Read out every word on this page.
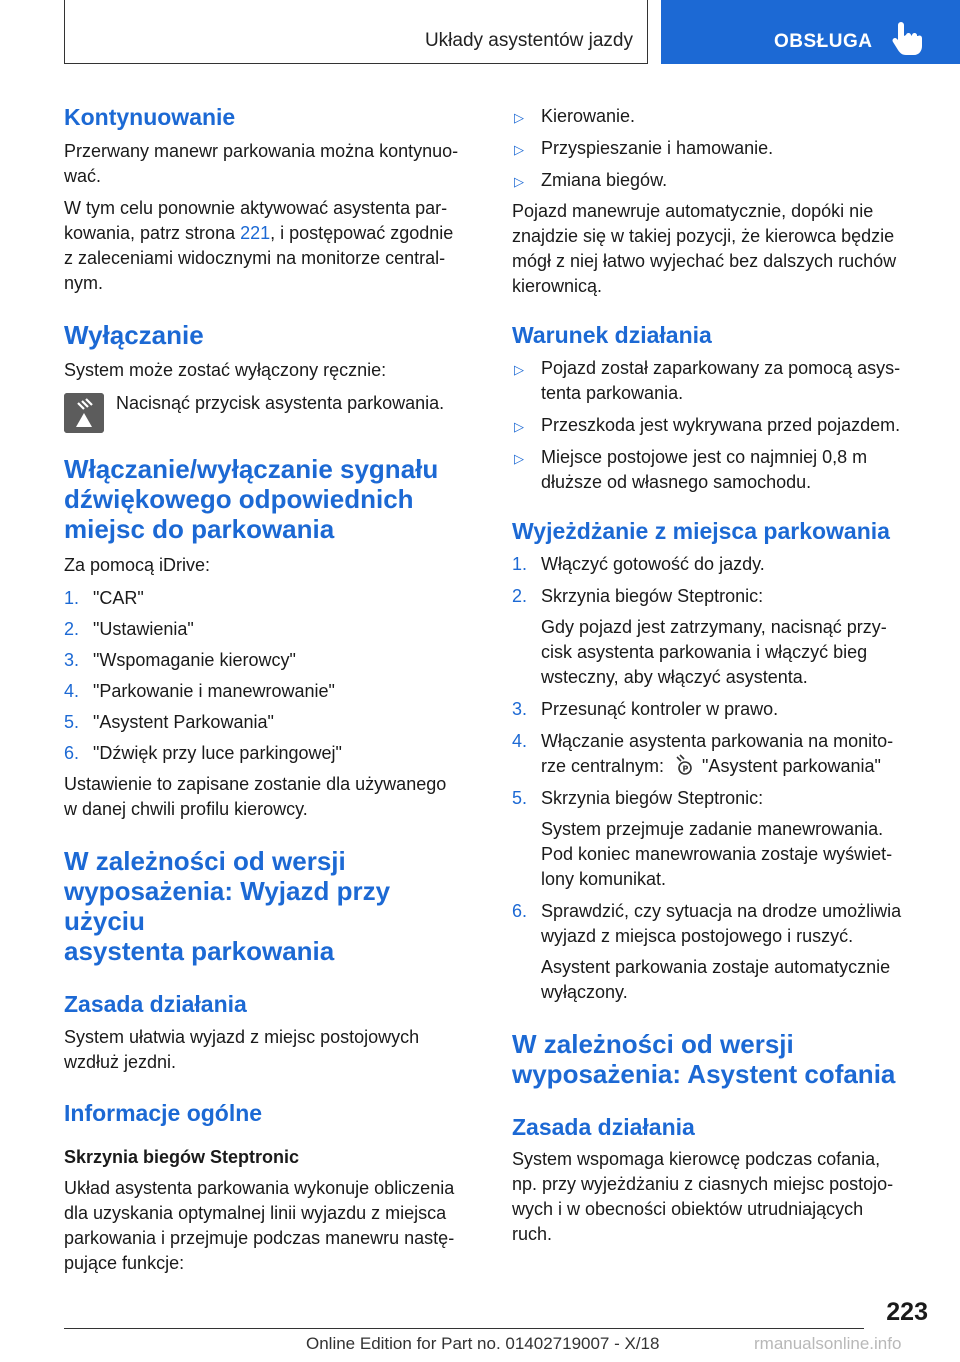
Układy asystentów jazdy	OBSŁUGA
Kontynuowanie

Przerwany manewr parkowania można kontynuo-
wać.

W tym celu ponownie aktywować asystenta par-
kowania, patrz strona 221, i postępować zgodnie
z zaleceniami widocznymi na monitorze central-
nym.

Wyłączanie

System może zostać wyłączony ręcznie:

Nacisnąć przycisk asystenta parkowania.

Włączanie/wyłączanie sygnału
dźwiękowego odpowiednich
miejsc do parkowania

Za pomocą iDrive:

1. "CAR"
2. "Ustawienia"
3. "Wspomaganie kierowcy"
4. "Parkowanie i manewrowanie"
5. "Asystent Parkowania"
6. "Dźwięk przy luce parkingowej"

Ustawienie to zapisane zostanie dla używanego
w danej chwili profilu kierowcy.

W zależności od wersji
wyposażenia: Wyjazd przy użyciu
asystenta parkowania
Zasada działania

System ułatwia wyjazd z miejsc postojowych
wzdłuż jezdni.

Informacje ogólne
Skrzynia biegów Steptronic

Układ asystenta parkowania wykonuje obliczenia
dla uzyskania optymalnej linii wyjazdu z miejsca
parkowania i przejmuje podczas manewru nastę-
pujące funkcje:

▷ Kierowanie.
▷ Przyspieszanie i hamowanie.
▷ Zmiana biegów.

Pojazd manewruje automatycznie, dopóki nie
znajdzie się w takiej pozycji, że kierowca będzie
mógł z niej łatwo wyjechać bez dalszych ruchów
kierownicą.

Warunek działania
▷ Pojazd został zaparkowany za pomocą asys-
tenta parkowania.
▷ Przeszkoda jest wykrywana przed pojazdem.
▷ Miejsce postojowe jest co najmniej 0,8 m
dłuższe od własnego samochodu.
Wyjeżdżanie z miejsca parkowania
1. Włączyć gotowość do jazdy.
2. Skrzynia biegów Steptronic:
Gdy pojazd jest zatrzymany, nacisnąć przy-
cisk asystenta parkowania i włączyć bieg
wsteczny, aby włączyć asystenta.
3. Przesunąć kontroler w prawo.
4. Włączanie asystenta parkowania na monito-
rze centralnym: P "Asystent parkowania"
5. Skrzynia biegów Steptronic:
System przejmuje zadanie manewrowania.
Pod koniec manewrowania zostaje wyświet-
lony komunikat.
6. Sprawdzić, czy sytuacja na drodze umożliwia
wyjazd z miejsca postojowego i ruszyć.
Asystent parkowania zostaje automatycznie
wyłączony.
W zależności od wersji
wyposażenia: Asystent cofania
Zasada działania

System wspomaga kierowcę podczas cofania,
np. przy wyjeżdżaniu z ciasnych miejsc postojo-
wych i w obecności obiektów utrudniających
ruch.

223
Online Edition for Part no. 01402719007 - X/18	rmanualsonline.info
